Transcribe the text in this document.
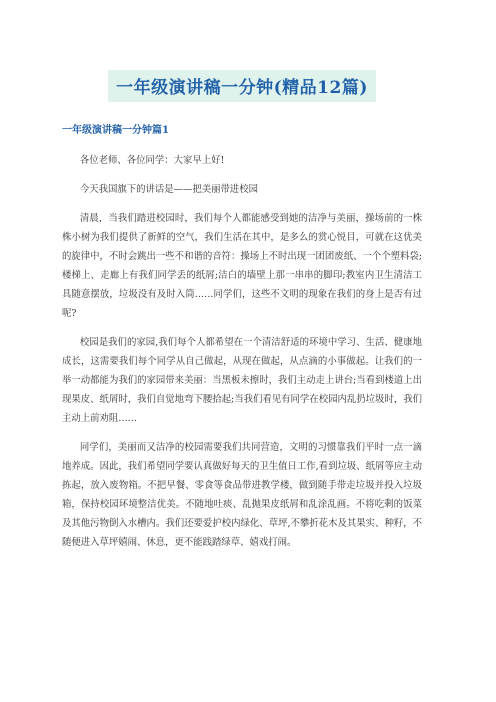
一年级演讲稿一分钟(精品12篇)
一年级演讲稿一分钟篇1

各位老师、各位同学：大家早上好!

今天我国旗下的讲话是——把美丽带进校园

清晨，当我们踏进校园时，我们每个人都能感受到她的洁净与美丽，操场前的一株株小树为我们提供了新鲜的空气，我们生活在其中，是多么的赏心悦目，可就在这优美的旋律中，不时会跳出一些不和谐的音符：操场上不时出现一团团废纸、一个个塑料袋;楼梯上、走廊上有我们同学丢的纸屑;洁白的墙壁上那一串串的脚印;教室内卫生清洁工具随意摆放，垃圾没有及时入筒……同学们，这些不文明的现象在我们的身上是否有过呢?

校园是我们的家园,我们每个人都希望在一个清洁舒适的环境中学习、生活、健康地成长，这需要我们每个同学从自己做起，从现在做起，从点滴的小事做起。让我们的一举一动都能为我们的家园带来美丽：当黑板未擦时，我们主动走上讲台;当看到楼道上出现果皮、纸屑时，我们自觉地弯下腰拾起;当我们看见有同学在校园内乱扔垃圾时，我们主动上前劝阻……

同学们，美丽而又洁净的校园需要我们共同营造，文明的习惯靠我们平时一点一滴地养成。因此，我们希望同学要认真做好每天的卫生值日工作,看到垃圾、纸屑等应主动拣起，放入废物箱。不把早餐、零食等食品带进教学楼，做到随手带走垃圾并投入垃圾箱，保持校园环境整洁优美。不随地吐痰、乱抛果皮纸屑和乱涂乱画。不将吃剩的饭菜及其他污物倒入水槽内。我们还要爱护校内绿化、草坪,不攀折花木及其果实、种籽，不随便进入草坪嬉闹、休息，更不能践踏绿草、嬉戏打闹。
